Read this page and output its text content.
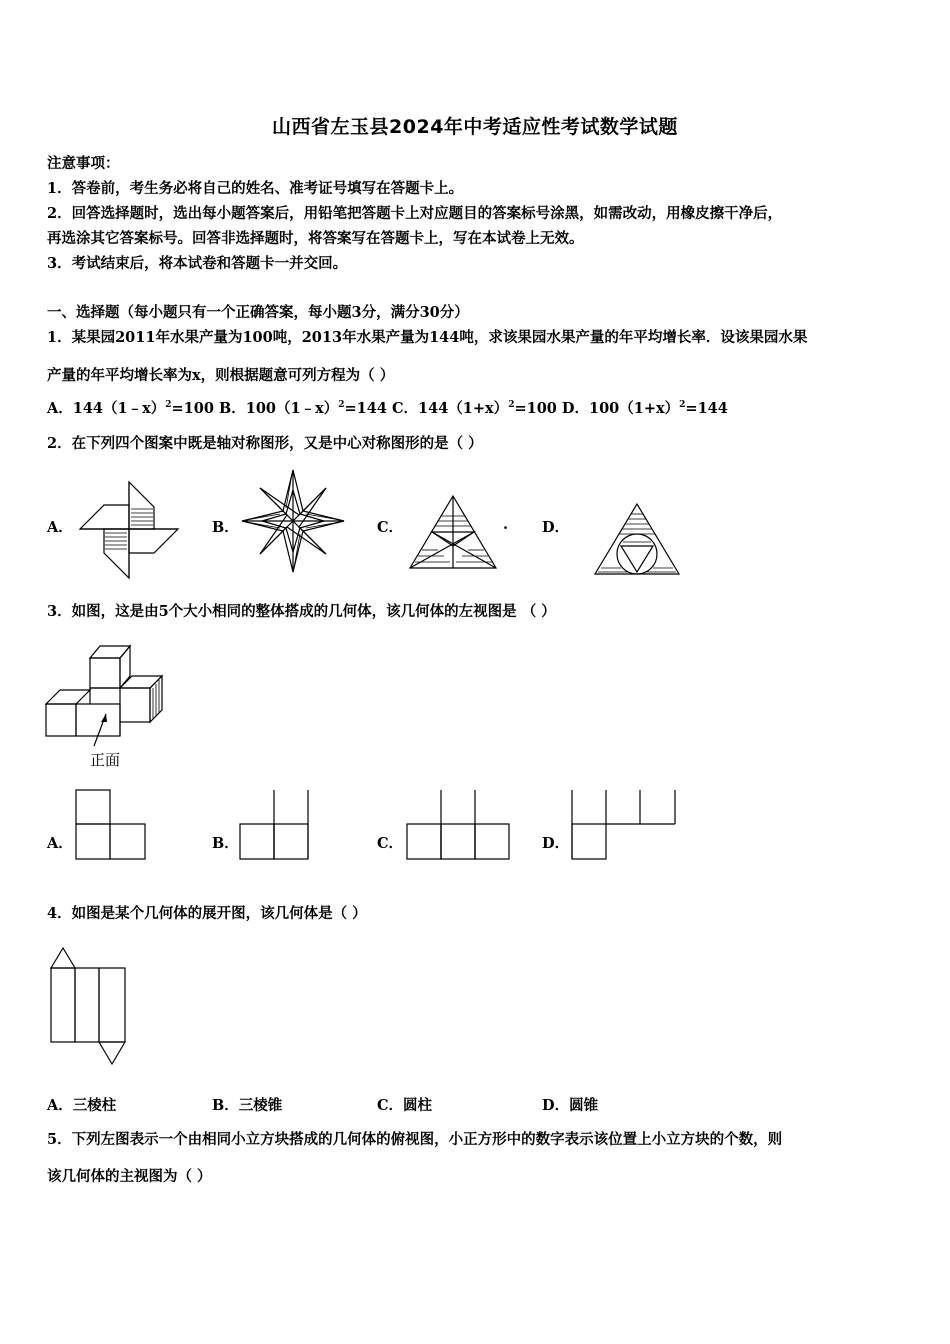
山西省左玉县2024年中考适应性考试数学试题
注意事项：
1．答卷前，考生务必将自己的姓名、准考证号填写在答题卡上。
2．回答选择题时，选出每小题答案后，用铅笔把答题卡上对应题目的答案标号涂黑，如需改动，用橡皮擦干净后，
再选涂其它答案标号。回答非选择题时，将答案写在答题卡上，写在本试卷上无效。
3．考试结束后，将本试卷和答题卡一并交回。
一、选择题（每小题只有一个正确答案，每小题3分，满分30分）
1．某果园2011年水果产量为100吨，2013年水果产量为144吨，求该果园水果产量的年平均增长率．设该果园水果
产量的年平均增长率为x，则根据题意可列方程为（ ）
A．144（1﹣x）$^2$=100 B．100（1﹣x）$^2$=144 C．$144(1+x)^2=100$ D．$100(1+x)^2=144$
2．在下列四个图案中既是轴对称图形，又是中心对称图形的是（ ）
A．	B．	C．	. D．
3．如图，这是由5个大小相同的整体搭成的几何体，该几何体的左视图是 （ ）
正面
A．	B．	C．	D．
4．如图是某个几何体的展开图，该几何体是（ ）
A．三棱柱	B．三棱锥	C．圆柱	D．圆锥
5．下列左图表示一个由相同小立方块搭成的几何体的俯视图，小正方形中的数字表示该位置上小立方块的个数，则
该几何体的主视图为（ ）
